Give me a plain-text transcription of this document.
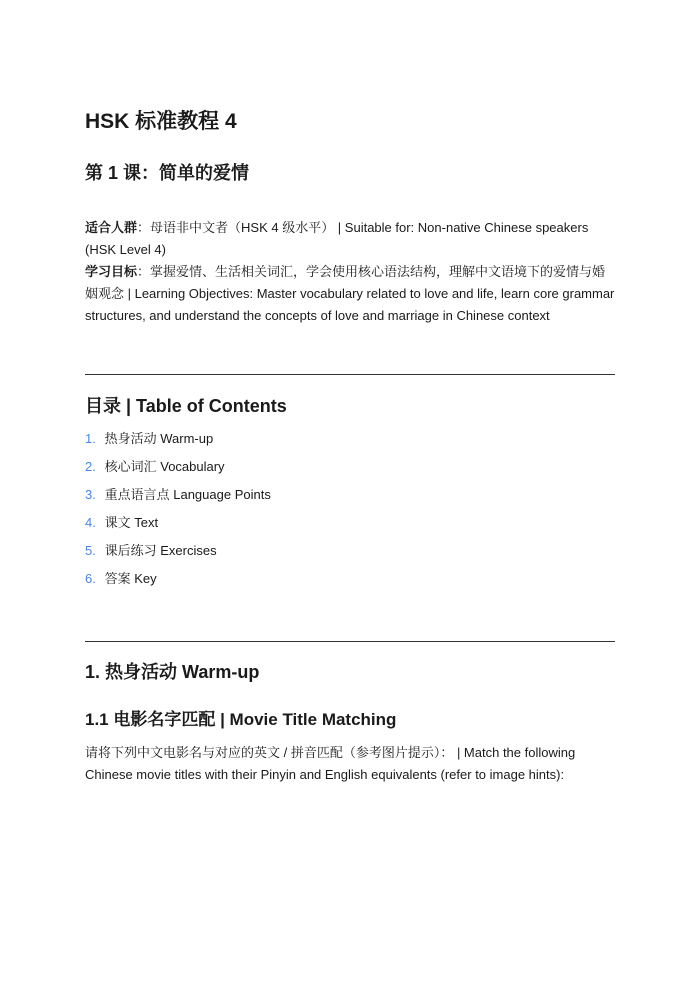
HSK 标准教程 4
第 1 课：简单的爱情

适合人群：母语非中文者（HSK 4 级水平） | Suitable for: Non-native Chinese speakers (HSK Level 4)

学习目标：掌握爱情、生活相关词汇，学会使用核心语法结构，理解中文语境下的爱情与婚姻观念 | Learning Objectives: Master vocabulary related to love and life, learn core grammar structures, and understand the concepts of love and marriage in Chinese context

目录 | Table of Contents
1. 热身活动 Warm-up
2. 核心词汇 Vocabulary
3. 重点语言点 Language Points
4. 课文 Text
5. 课后练习 Exercises
6. 答案 Key
1. 热身活动 Warm-up
1.1 电影名字匹配 | Movie Title Matching

请将下列中文电影名与对应的英文 / 拼音匹配（参考图片提示）： | Match the following Chinese movie titles with their Pinyin and English equivalents (refer to image hints):
